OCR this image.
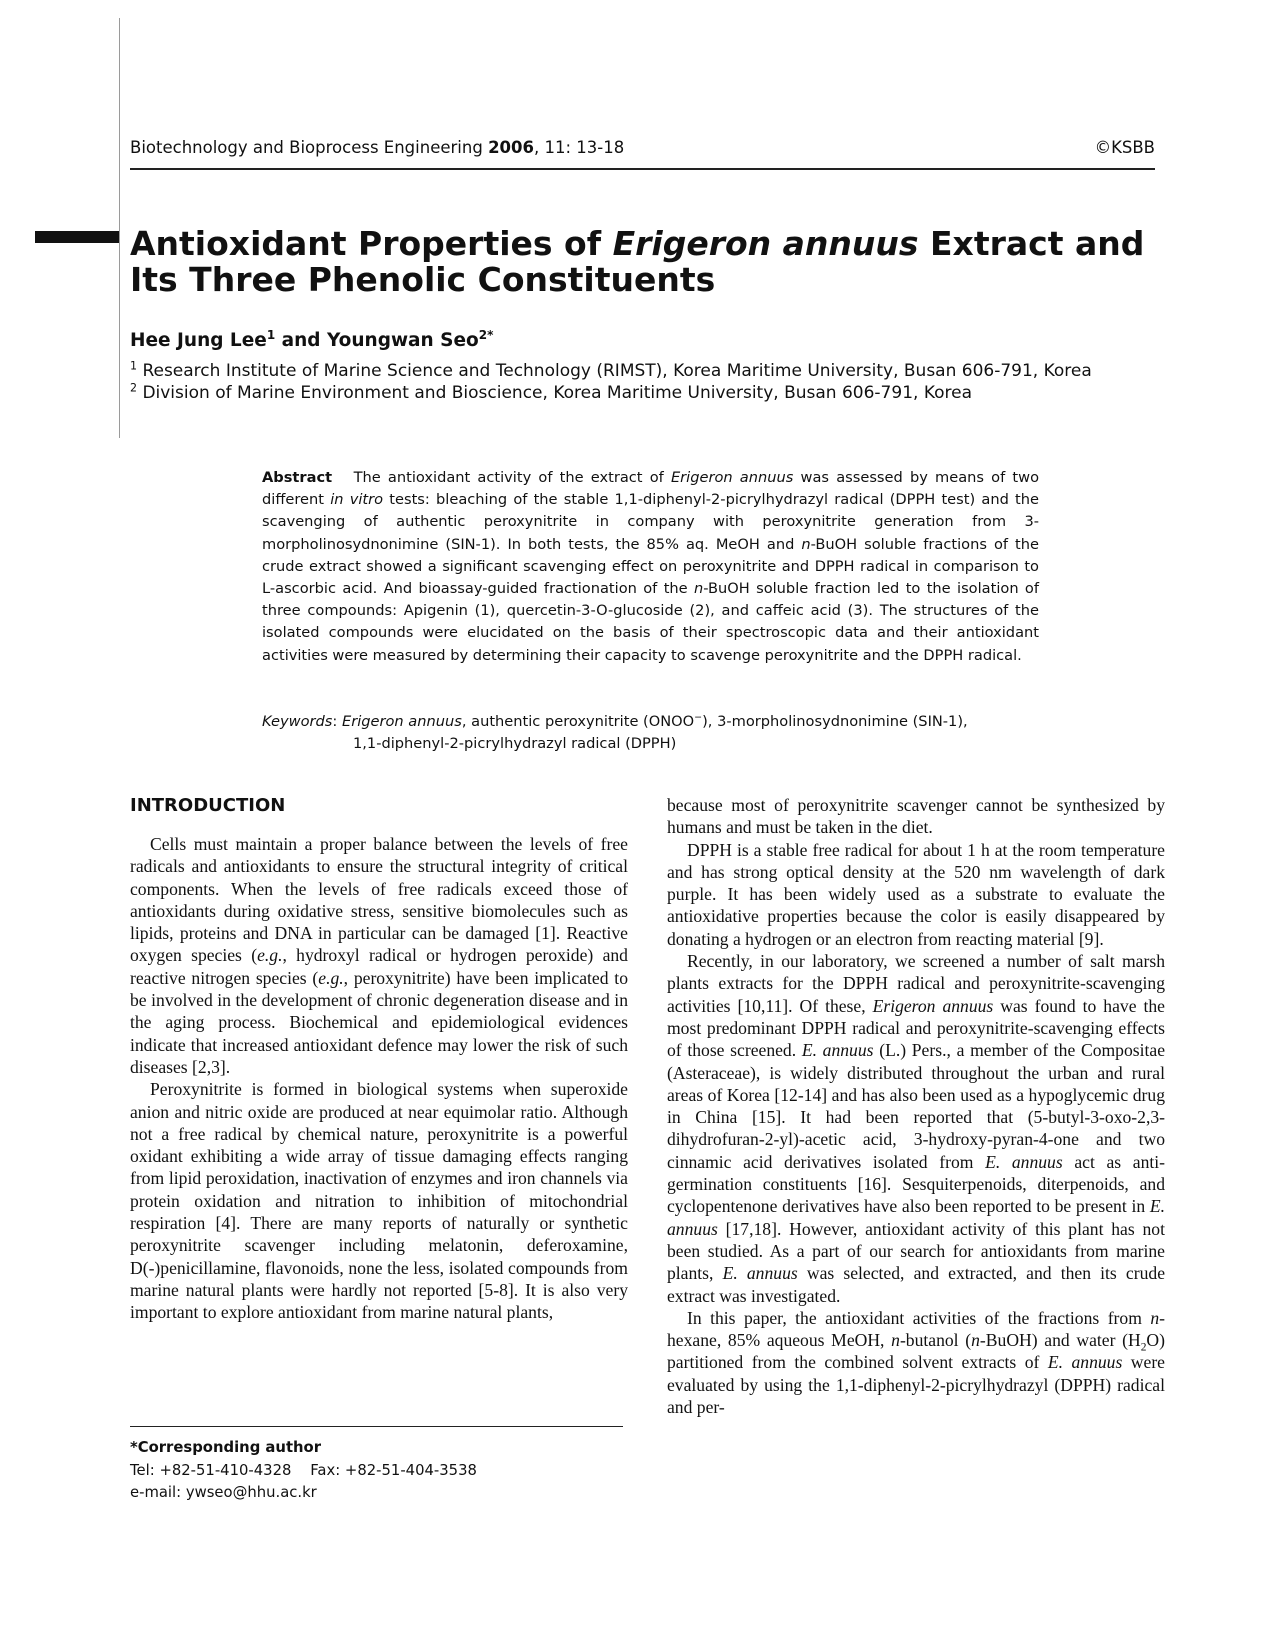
Biotechnology and Bioprocess Engineering 2006, 11: 13-18	©KSBB
Antioxidant Properties of Erigeron annuus Extract and Its Three Phenolic Constituents
Hee Jung Lee$^1$ and Youngwan Seo$^{2*}$
$^1$ Research Institute of Marine Science and Technology (RIMST), Korea Maritime University, Busan 606-791, Korea
$^2$ Division of Marine Environment and Bioscience, Korea Maritime University, Busan 606-791, Korea

Abstract The antioxidant activity of the extract of Erigeron annuus was assessed by means of two different in vitro tests: bleaching of the stable 1,1-diphenyl-2-picrylhydrazyl radical (DPPH test) and the scavenging of authentic peroxynitrite in company with peroxynitrite generation from 3-morpholinosydnonimine (SIN-1). In both tests, the 85% aq. MeOH and n-BuOH soluble fractions of the crude extract showed a significant scavenging effect on peroxynitrite and DPPH radical in comparison to L-ascorbic acid. And bioassay-guided fractionation of the n-BuOH soluble fraction led to the isolation of three compounds: Apigenin (1), quercetin-3-O-glucoside (2), and caffeic acid (3). The structures of the isolated compounds were elucidated on the basis of their spectroscopic data and their antioxidant activities were measured by determining their capacity to scavenge peroxynitrite and the DPPH radical.

Keywords: Erigeron annuus, authentic peroxynitrite (ONOO−), 3-morpholinosydnonimine (SIN-1),
1,1-diphenyl-2-picrylhydrazyl radical (DPPH)

INTRODUCTION

Cells must maintain a proper balance between the levels of free radicals and antioxidants to ensure the structural integrity of critical components. When the levels of free radicals exceed those of antioxidants during oxidative stress, sensitive biomolecules such as lipids, proteins and DNA in particular can be damaged [1]. Reactive oxygen species (e.g., hydroxyl radical or hydrogen peroxide) and reactive nitrogen species (e.g., peroxynitrite) have been implicated to be involved in the development of chronic degeneration disease and in the aging process. Biochemical and epidemiological evidences indicate that increased antioxidant defence may lower the risk of such diseases [2,3].

Peroxynitrite is formed in biological systems when superoxide anion and nitric oxide are produced at near equimolar ratio. Although not a free radical by chemical nature, peroxynitrite is a powerful oxidant exhibiting a wide array of tissue damaging effects ranging from lipid peroxidation, inactivation of enzymes and iron channels via protein oxidation and nitration to inhibition of mitochondrial respiration [4]. There are many reports of naturally or synthetic peroxynitrite scavenger including melatonin, deferoxamine, D(-)penicillamine, flavonoids, none the less, isolated compounds from marine natural plants were hardly not reported [5-8]. It is also very important to explore antioxidant from marine natural plants,

*Corresponding author
Tel: +82-51-410-4328 Fax: +82-51-404-3538
e-mail: ywseo@hhu.ac.kr

because most of peroxynitrite scavenger cannot be synthesized by humans and must be taken in the diet.

DPPH is a stable free radical for about 1 h at the room temperature and has strong optical density at the 520 nm wavelength of dark purple. It has been widely used as a substrate to evaluate the antioxidative properties because the color is easily disappeared by donating a hydrogen or an electron from reacting material [9].

Recently, in our laboratory, we screened a number of salt marsh plants extracts for the DPPH radical and peroxynitrite-scavenging activities [10,11]. Of these, Erigeron annuus was found to have the most predominant DPPH radical and peroxynitrite-scavenging effects of those screened. E. annuus (L.) Pers., a member of the Compositae (Asteraceae), is widely distributed throughout the urban and rural areas of Korea [12-14] and has also been used as a hypoglycemic drug in China [15]. It had been reported that (5-butyl-3-oxo-2,3-dihydrofuran-2-yl)-acetic acid, 3-hydroxy-pyran-4-one and two cinnamic acid derivatives isolated from E. annuus act as anti-germination constituents [16]. Sesquiterpenoids, diterpenoids, and cyclopentenone derivatives have also been reported to be present in E. annuus [17,18]. However, antioxidant activity of this plant has not been studied. As a part of our search for antioxidants from marine plants, E. annuus was selected, and extracted, and then its crude extract was investigated.

In this paper, the antioxidant activities of the fractions from n-hexane, 85% aqueous MeOH, n-butanol (n-BuOH) and water $(H_2O)$ partitioned from the combined solvent extracts of E. annuus were evaluated by using the 1,1-diphenyl-2-picrylhydrazyl (DPPH) radical and per-
